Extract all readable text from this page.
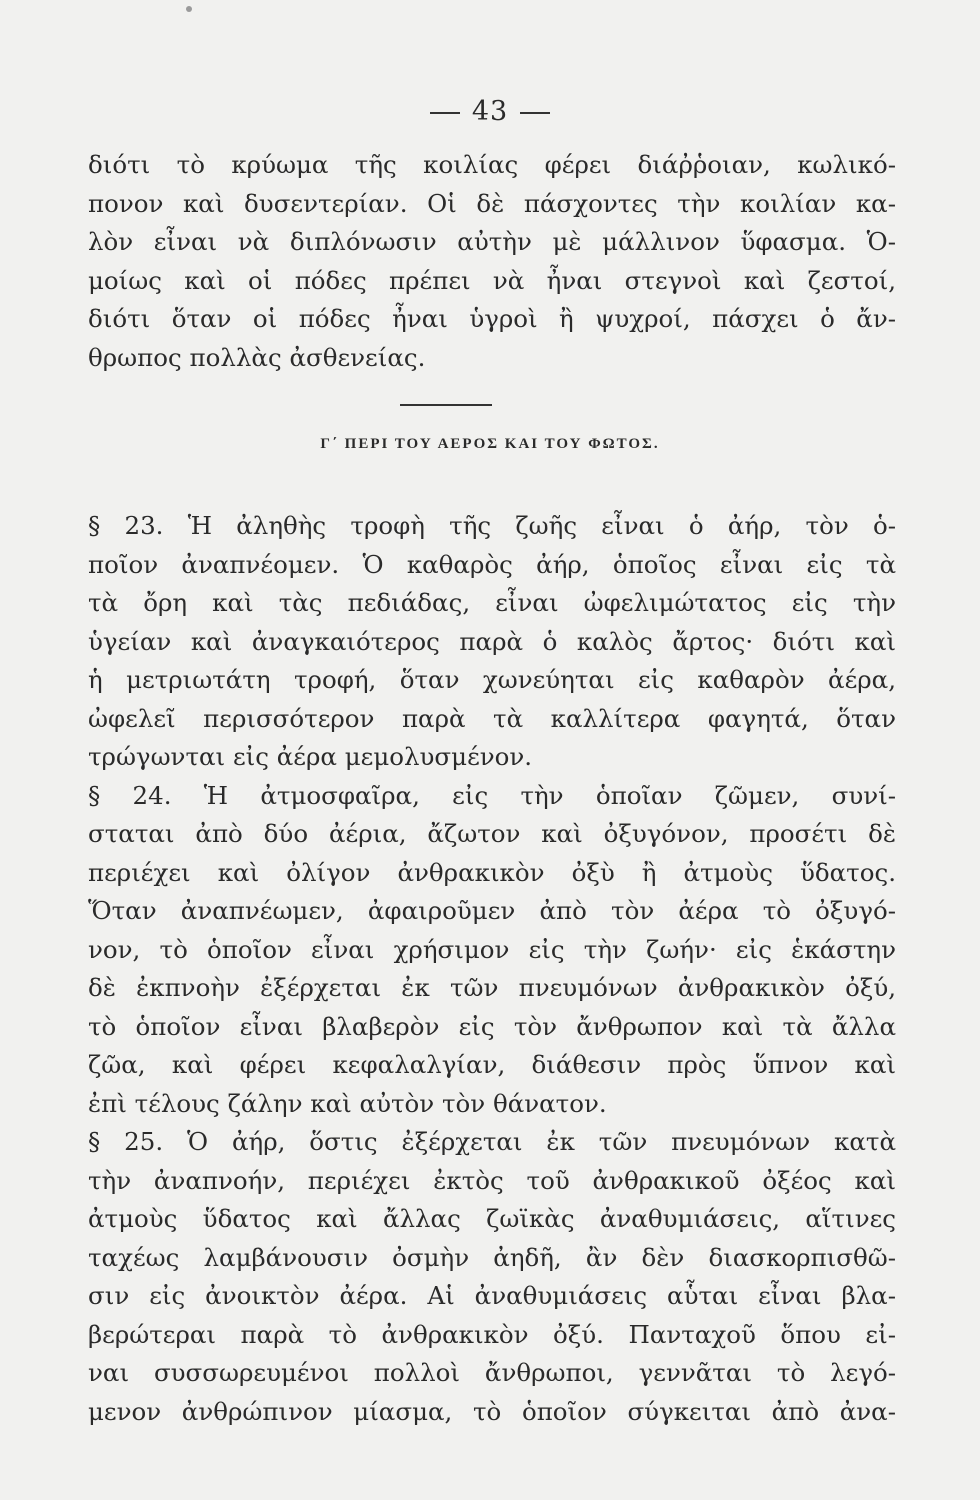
43
διότι τὸ κρύωμα τῆς κοιλίας φέρει διάῤῥοιαν, κωλικό-
πονον καὶ δυσεντερίαν. Οἱ δὲ πάσχοντες τὴν κοιλίαν κα-
λὸν εἶναι νὰ διπλόνωσιν αὐτὴν μὲ μάλλινον ὕφασμα. Ὁ-
μοίως καὶ οἱ πόδες πρέπει νὰ ἦναι στεγνοὶ καὶ ζεστοί,
διότι ὅταν οἱ πόδες ἦναι ὑγροὶ ἢ ψυχροί, πάσχει ὁ ἄν-
θρωπος πολλὰς ἀσθενείας.
Γ΄ ΠΕΡΙ ΤΟΥ ΑΕΡΟΣ ΚΑΙ ΤΟΥ ΦΩΤΟΣ.
§ 23. Ἡ ἀληθὴς τροφὴ τῆς ζωῆς εἶναι ὁ ἀήρ, τὸν ὁ-
ποῖον ἀναπνέομεν. Ὁ καθαρὸς ἀήρ, ὁποῖος εἶναι εἰς τὰ
τὰ ὄρη καὶ τὰς πεδιάδας, εἶναι ὠφελιμώτατος εἰς τὴν
ὑγείαν καὶ ἀναγκαιότερος παρὰ ὁ καλὸς ἄρτος· διότι καὶ
ἡ μετριωτάτη τροφή, ὅταν χωνεύηται εἰς καθαρὸν ἀέρα,
ὠφελεῖ περισσότερον παρὰ τὰ καλλίτερα φαγητά, ὅταν
τρώγωνται εἰς ἀέρα μεμολυσμένον.
§ 24. Ἡ ἀτμοσφαῖρα, εἰς τὴν ὁποῖαν ζῶμεν, συνί-
σταται ἀπὸ δύο ἀέρια, ἄζωτον καὶ ὀξυγόνον, προσέτι δὲ
περιέχει καὶ ὀλίγον ἀνθρακικὸν ὀξὺ ἢ ἀτμοὺς ὕδατος.
Ὅταν ἀναπνέωμεν, ἀφαιροῦμεν ἀπὸ τὸν ἀέρα τὸ ὀξυγό-
νον, τὸ ὁποῖον εἶναι χρήσιμον εἰς τὴν ζωήν· εἰς ἑκάστην
δὲ ἐκπνοὴν ἐξέρχεται ἐκ τῶν πνευμόνων ἀνθρακικὸν ὀξύ,
τὸ ὁποῖον εἶναι βλαβερὸν εἰς τὸν ἄνθρωπον καὶ τὰ ἄλλα
ζῶα, καὶ φέρει κεφαλαλγίαν, διάθεσιν πρὸς ὕπνον καὶ
ἐπὶ τέλους ζάλην καὶ αὐτὸν τὸν θάνατον.
§ 25. Ὁ ἀήρ, ὅστις ἐξέρχεται ἐκ τῶν πνευμόνων κατὰ
τὴν ἀναπνοήν, περιέχει ἐκτὸς τοῦ ἀνθρακικοῦ ὀξέος καὶ
ἀτμοὺς ὕδατος καὶ ἄλλας ζωϊκὰς ἀναθυμιάσεις, αἵτινες
ταχέως λαμβάνουσιν ὀσμὴν ἀηδῆ, ἂν δὲν διασκορπισθῶ-
σιν εἰς ἀνοικτὸν ἀέρα. Αἱ ἀναθυμιάσεις αὗται εἶναι βλα-
βερώτεραι παρὰ τὸ ἀνθρακικὸν ὀξύ. Πανταχοῦ ὅπου εἰ-
ναι συσσωρευμένοι πολλοὶ ἄνθρωποι, γεννᾶται τὸ λεγό-
μενον ἀνθρώπινον μίασμα, τὸ ὁποῖον σύγκειται ἀπὸ ἀνα-
